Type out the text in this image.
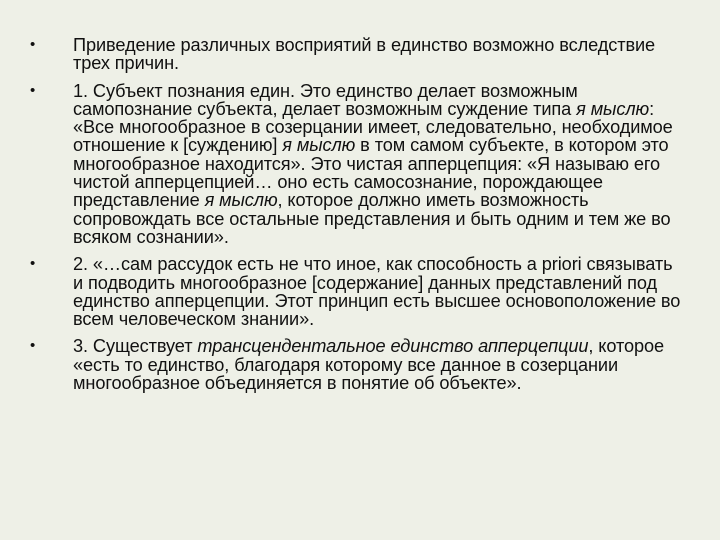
•	Приведение различных восприятий в единство возможно вследствие трех причин.
•	1. Субъект познания един. Это единство делает возможным самопознание субъекта, делает возможным суждение типа я мыслю: «Все многообразное в созерцании имеет, следовательно, необходимое отношение к [суждению] я мыслю в том самом субъекте, в котором это многообразное находится». Это чистая апперцепция: «Я называю его чистой апперцепцией… оно есть самосознание, порождающее представление я мыслю, которое должно иметь возможность сопровождать все остальные представления и быть одним и тем же во всяком сознании».
•	2. «…сам рассудок есть не что иное, как способность a priori связывать и подводить многообразное [содержание] данных представлений под единство апперцепции. Этот принцип есть высшее основоположение во всем человеческом знании».
•	3. Существует трансцендентальное единство апперцепции, которое «есть то единство, благодаря которому все данное в созерцании многообразное объединяется в понятие об объекте».
